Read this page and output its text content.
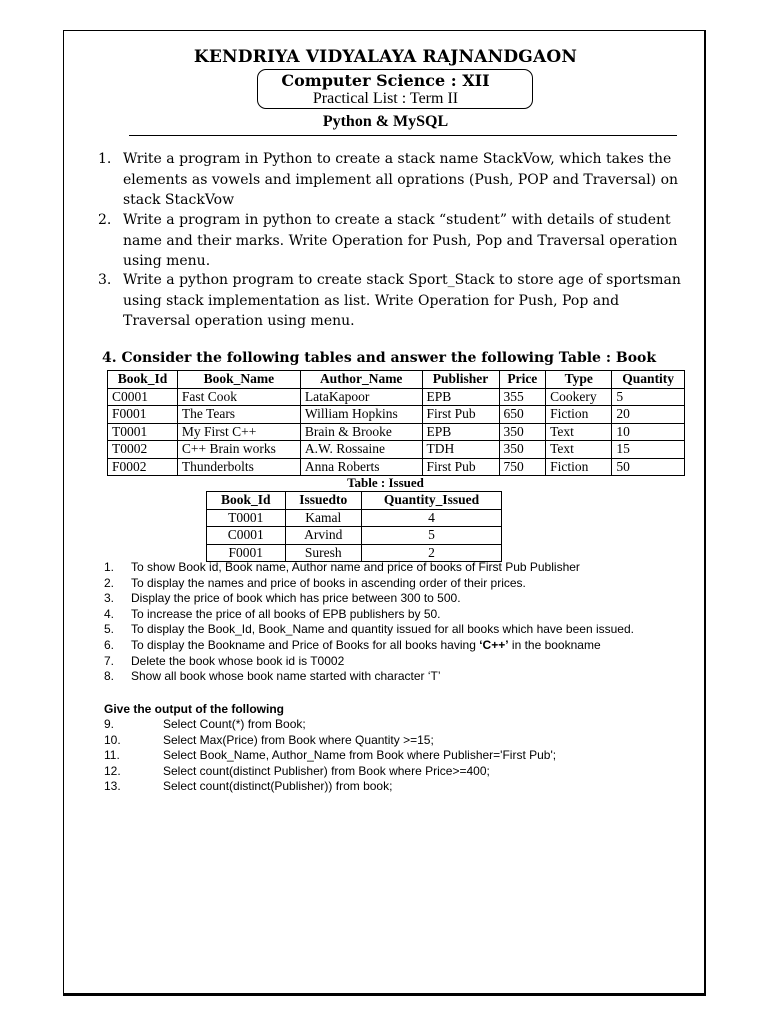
KENDRIYA VIDYALAYA RAJNANDGAON
Computer Science : XII
Practical List : Term II
Python & MySQL
1. Write a program in Python to create a stack name StackVow, which takes the elements as vowels and implement all oprations (Push, POP and Traversal) on stack StackVow
2. Write a program in python to create a stack “student” with details of student name and their marks. Write Operation for Push, Pop and Traversal operation using menu.
3. Write a python program to create stack Sport_Stack to store age of sportsman using stack implementation as list. Write Operation for Push, Pop and Traversal operation using menu.
4. Consider the following tables and answer the following Table : Book
Book_Id	Book_Name	Author_Name	Publisher	Price	Type	Quantity
C0001	Fast Cook	LataKapoor	EPB	355	Cookery	5
F0001	The Tears	William Hopkins	First Pub	650	Fiction	20
T0001	My First C++	Brain & Brooke	EPB	350	Text	10
T0002	C++ Brain works	A.W. Rossaine	TDH	350	Text	15
F0002	Thunderbolts	Anna Roberts	First Pub	750	Fiction	50
Table : Issued
Book_Id	Issuedto	Quantity_Issued
T0001	Kamal	4
C0001	Arvind	5
F0001	Suresh	2
1. To show Book id, Book name, Author name and price of books of First Pub Publisher
2. To display the names and price of books in ascending order of their prices.
3. Display the price of book which has price between 300 to 500.
4. To increase the price of all books of EPB publishers by 50.
5. To display the Book_Id, Book_Name and quantity issued for all books which have been issued.
6. To display the Bookname and Price of Books for all books having ‘C++’ in the bookname
7. Delete the book whose book id is T0002
8. Show all book whose book name started with character ‘T’
Give the output of the following
9.	Select Count(*) from Book;
10.	Select Max(Price) from Book where Quantity >=15;
11.	Select Book_Name, Author_Name from Book where Publisher='First Pub';
12.	Select count(distinct Publisher) from Book where Price>=400;
13.	Select count(distinct(Publisher)) from book;
